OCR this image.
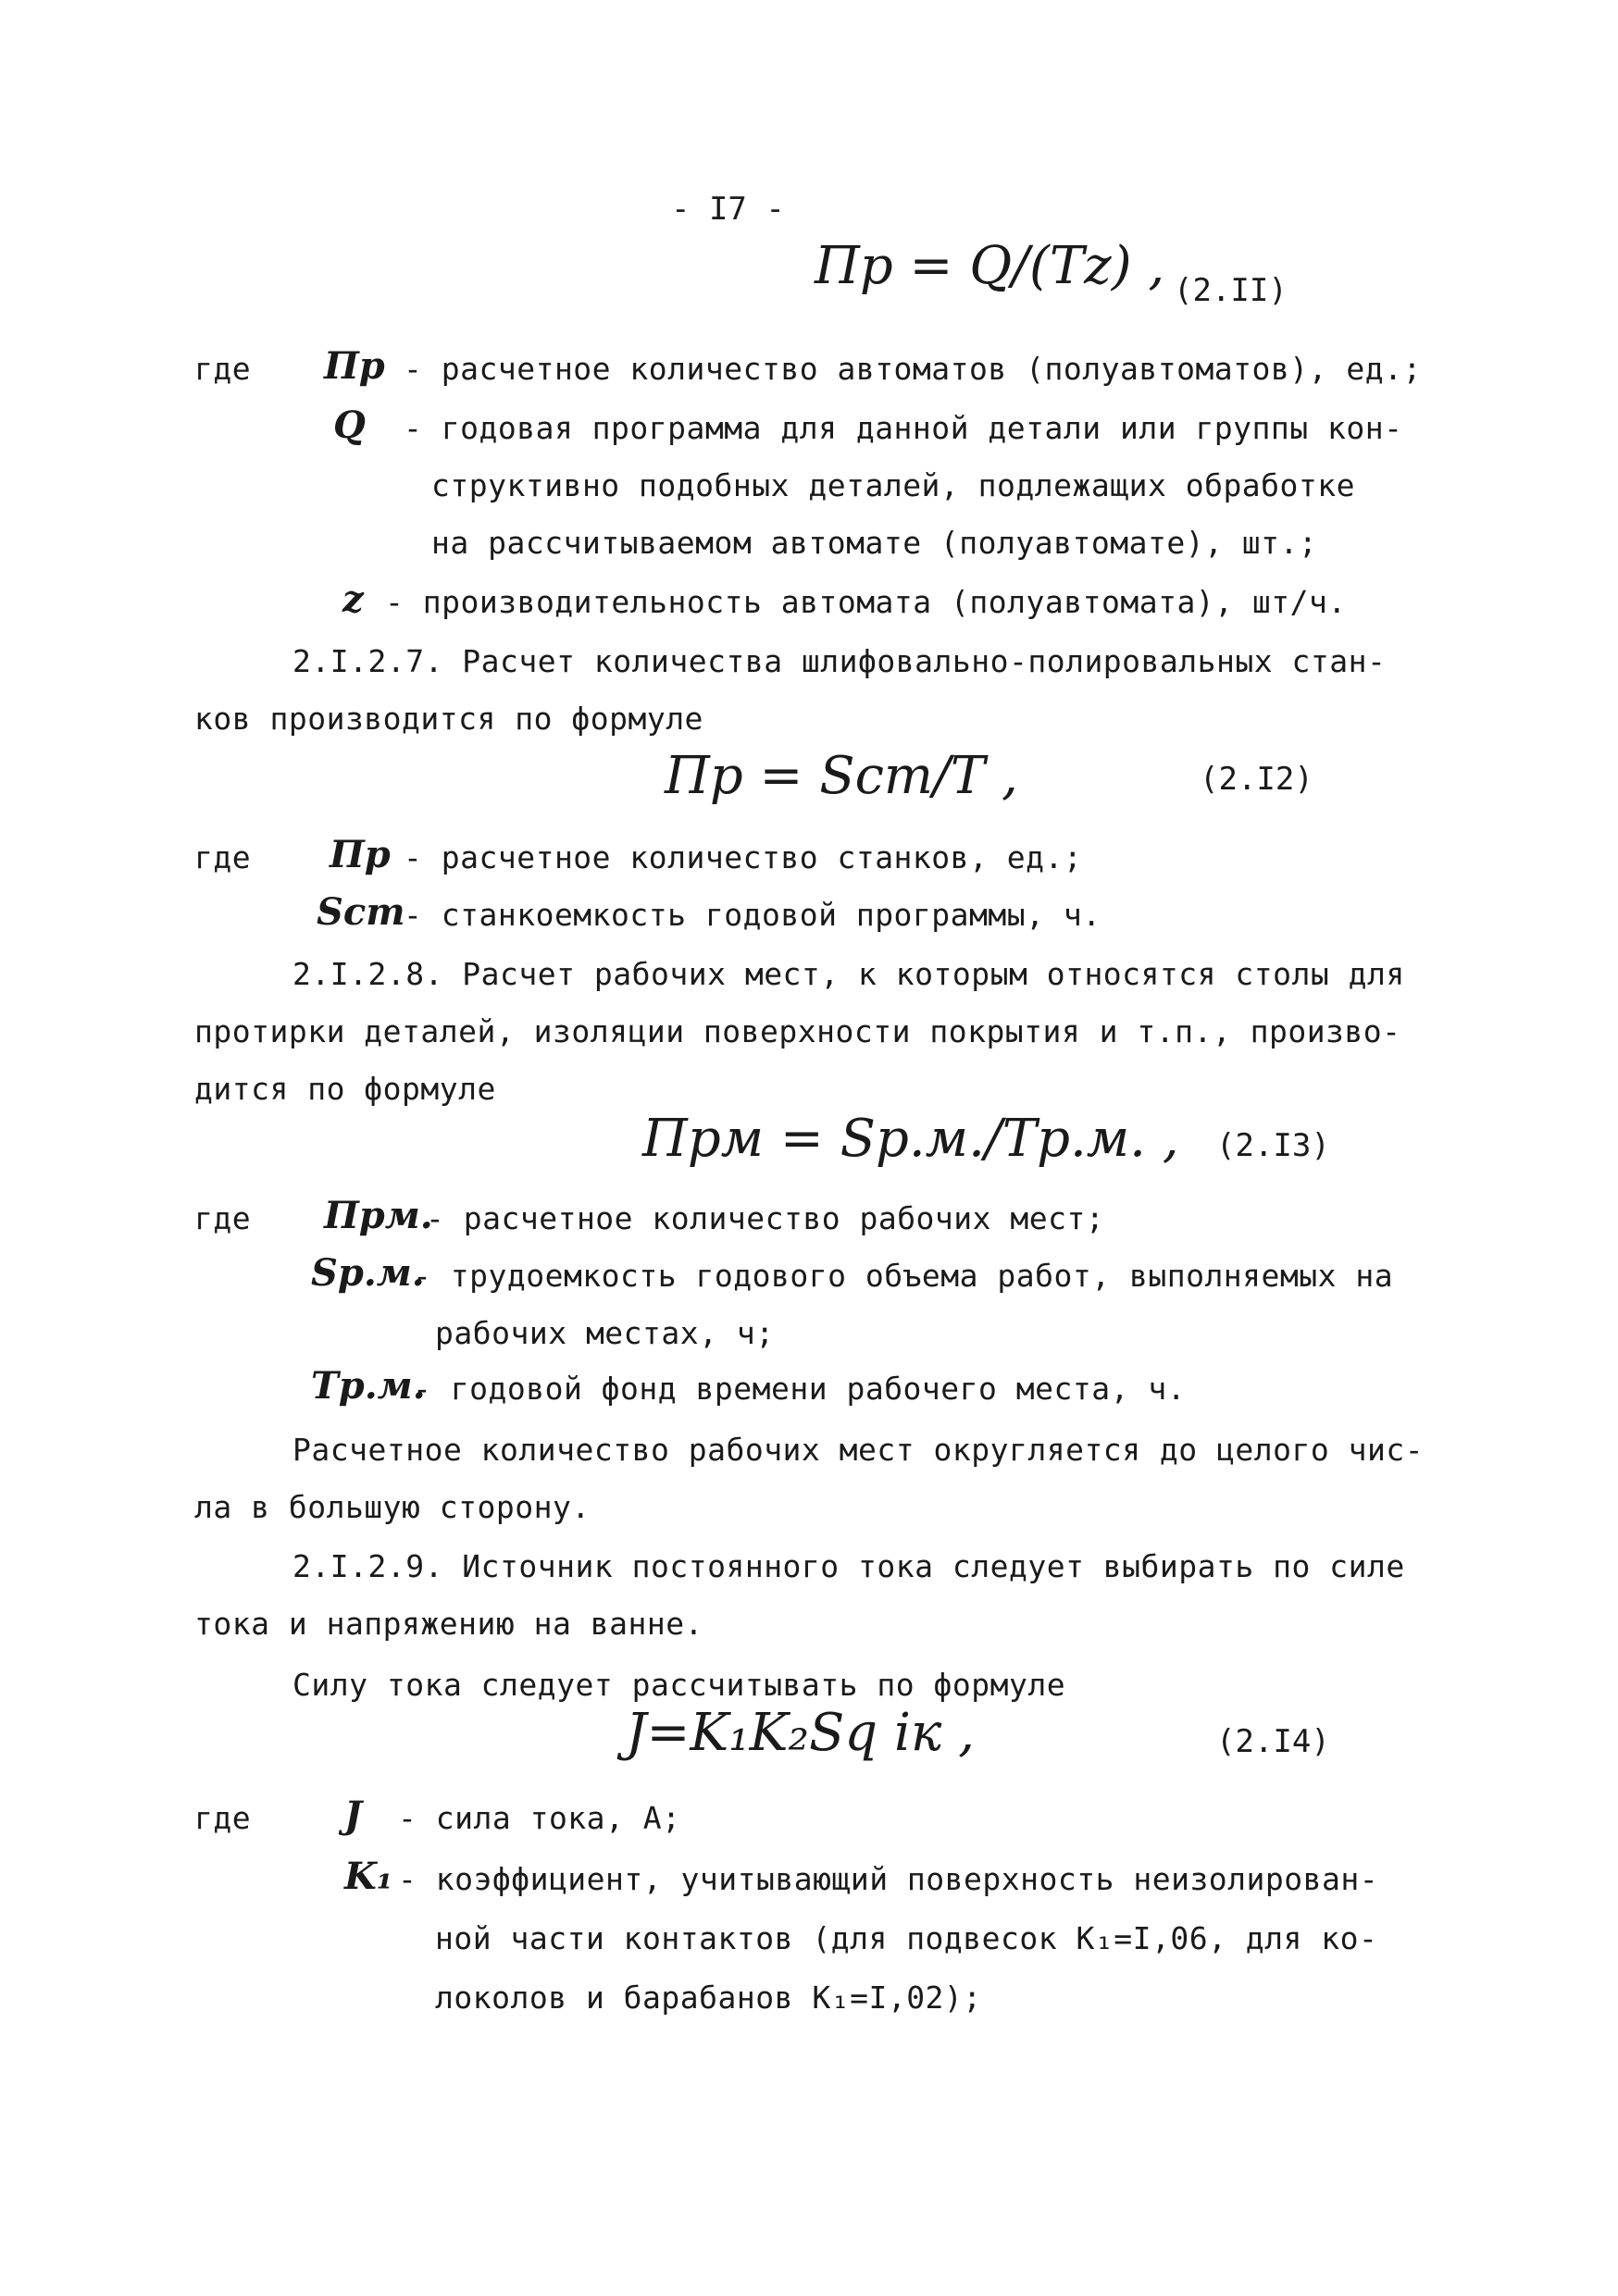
- I7 -
Пр = Q/(Tz) , (2.II)
где Пр - расчетное количество автоматов (полуавтоматов), ед.;
Q - годовая программа для данной детали или группы кон-
структивно подобных деталей, подлежащих обработке
на рассчитываемом автомате (полуавтомате), шт.;
z - производительность автомата (полуавтомата), шт/ч.
2.I.2.7. Расчет количества шлифовально-полировальных стан-
ков производится по формуле
Пр = Sст/T ,	(2.I2)
где Пр - расчетное количество станков, ед.;
Sст
- станкоемкость годовой программы, ч.
2.I.2.8. Расчет рабочих мест, к которым относятся столы для
протирки деталей, изоляции поверхности покрытия и т.п., произво-
дится по формуле
Прм = Sр.м./Tр.м. , (2.I3)
где Прм.
- расчетное количество рабочих мест;
Sр.м.
- трудоемкость годового объема работ, выполняемых на
рабочих местах, ч;
Tр.м.
- годовой фонд времени рабочего места, ч.
Расчетное количество рабочих мест округляется до целого чис-
ла в большую сторону.
2.I.2.9. Источник постоянного тока следует выбирать по силе
тока и напряжению на ванне.
Силу тока следует рассчитывать по формуле
J=K₁K₂Sq iк ,	(2.I4)
где	J - сила тока, А;
K₁ - коэффициент, учитывающий поверхность неизолирован-
ной части контактов (для подвесок K₁=I,06, для ко-
локолов и барабанов K₁=I,02);
